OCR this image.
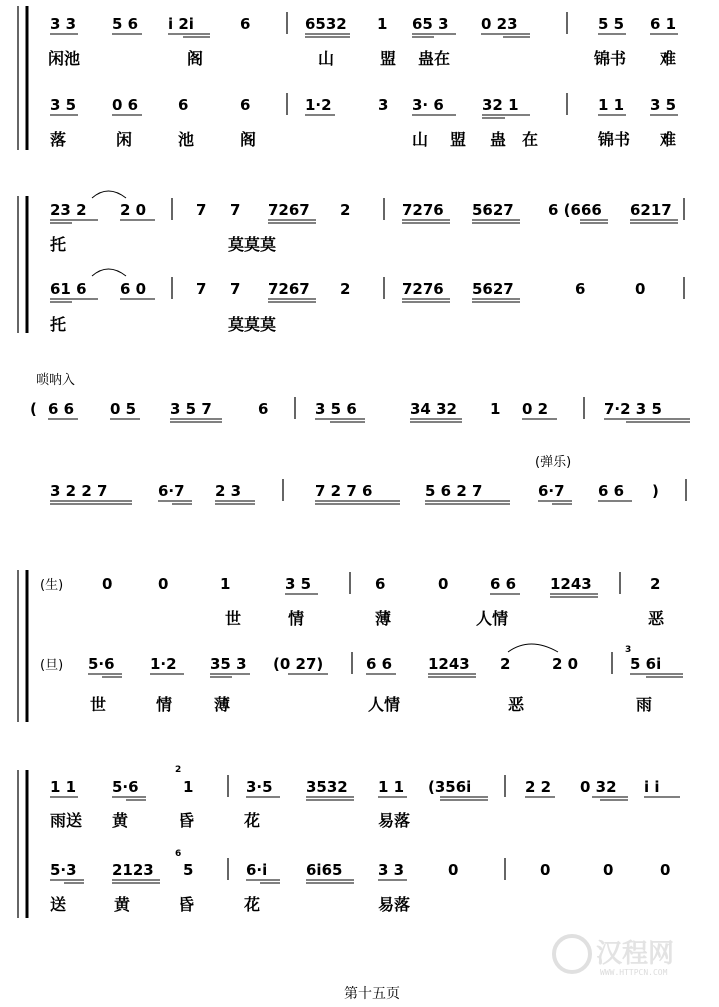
3 3 5 6 i 2i	6	6532 1 65 3 0 23	5 5 6 1
闲池	阁	山	盟 蛊在	锦书 难
3 5 0 6	6	6	1·2	3 3· 6	32 1	1 1 3 5
落	闲	池	阁	山 盟 蛊 在	锦书 难
23 2 2 0	7 7 7267 2	7276 5627 6 (666 6217
托	莫莫莫
61 6 6 0	7 7 7267 2	7276 5627	6	0
托	莫莫莫
唢呐入
( 6 6 0 5 3 5 7	6	3 5 6	34 32 1 0 2	7·2 3 5
(弹乐)
3 2 2 7	6·7 2 3	7 2 7 6	5 6 2 7	6·7 6 6 )
(生)	0	0	1	3 5	6	0	6 6 1243	2
世	情	薄	人情	恶
(旦) 5·6 1·2 35 3 (0 27)	6 6 1243 2	2 0	5 6i
世	情	薄	人情	恶	雨
1 1 5·6	1	3·5 3532 1 1 (356i	2 2 0 32 i i
雨送 黄	昏	花	易落
5·3 2123 5	6·i	6i65 3 3	0	0	0	0
送	黄	昏	花	易落
2
6
3
第十五页
汉程网
WWW.HTTPCN.COM
